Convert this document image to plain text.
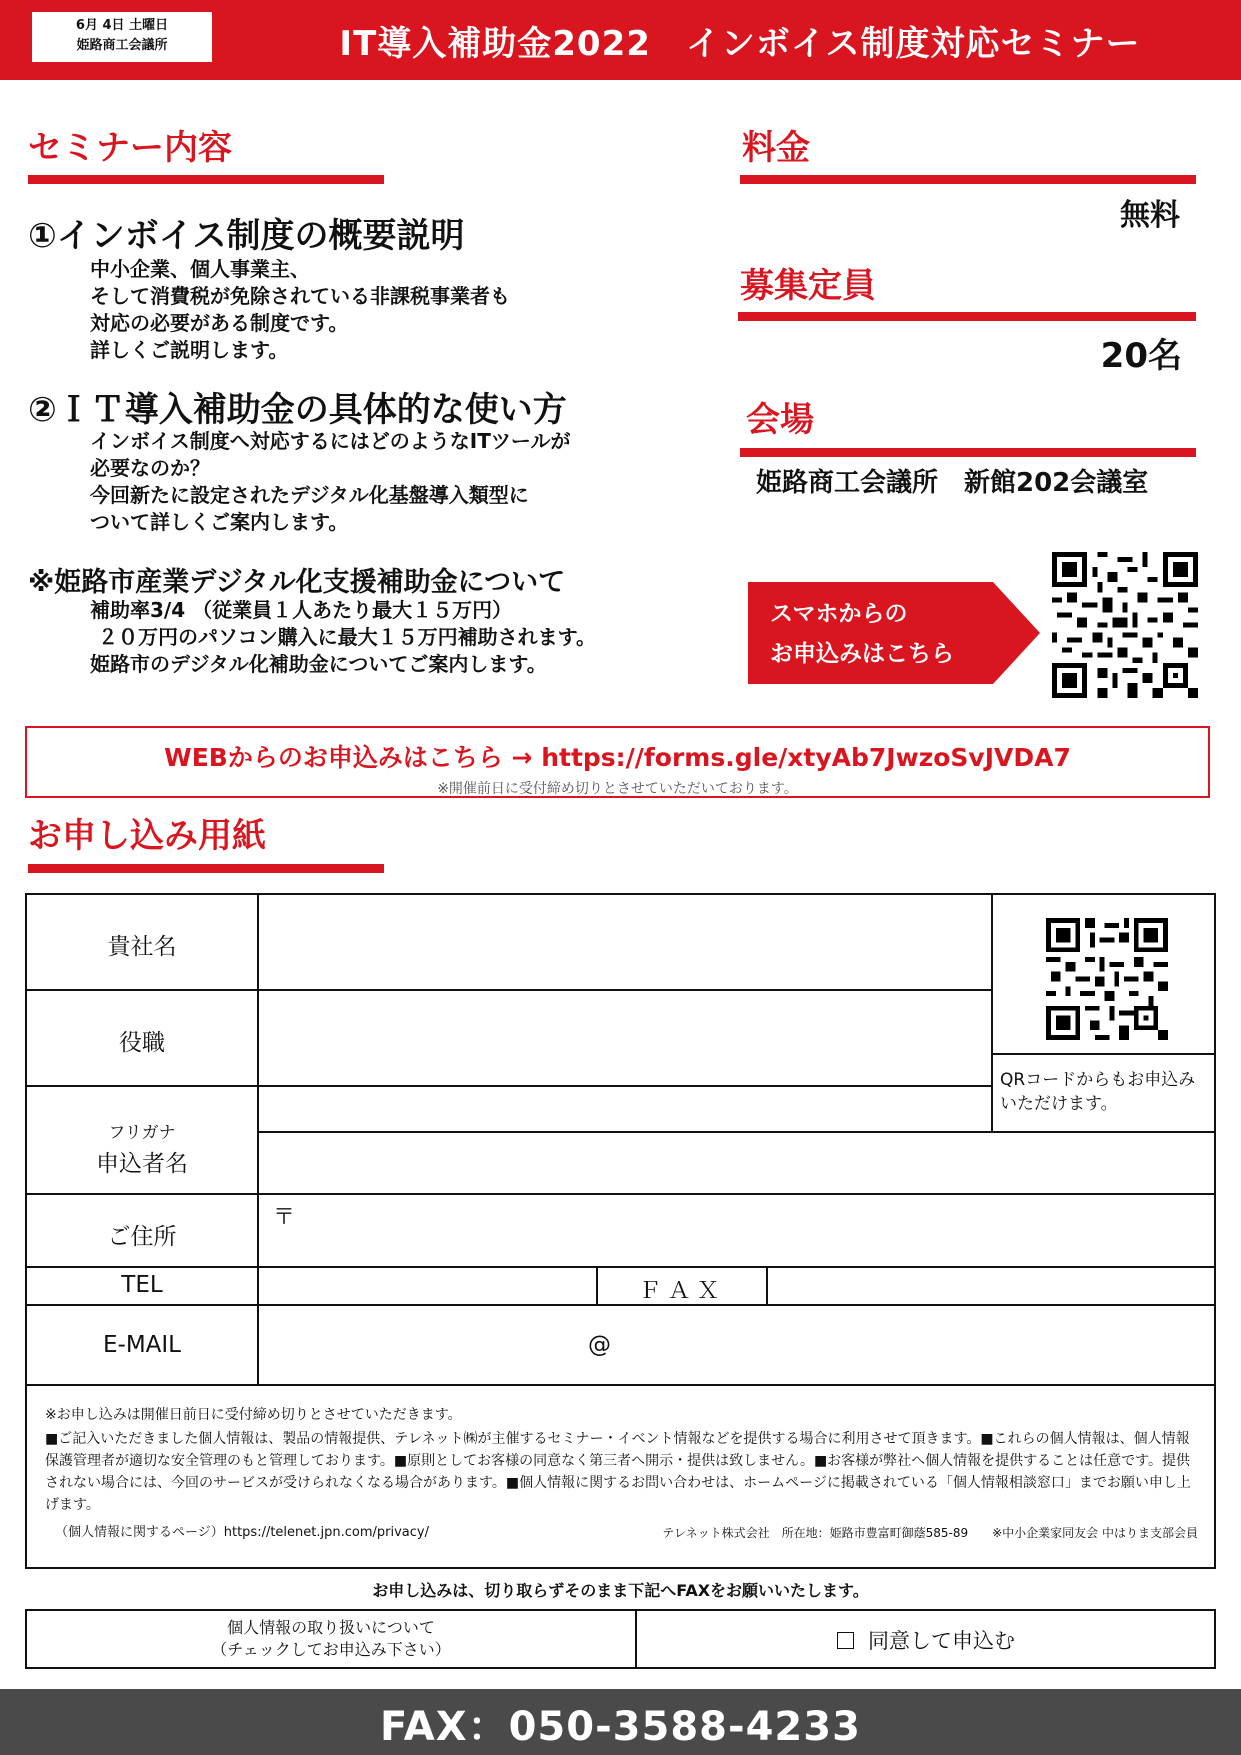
6月 4日 土曜日
姫路商工会議所	IT導入補助金2022　インボイス制度対応セミナー
セミナー内容
①インボイス制度の概要説明
中小企業、個人事業主、
そして消費税が免除されている非課税事業者も
対応の必要がある制度です。
詳しくご説明します。
②ＩＴ導入補助金の具体的な使い方
インボイス制度へ対応するにはどのようなITツールが
必要なのか？
今回新たに設定されたデジタル化基盤導入類型に
ついて詳しくご案内します。
※姫路市産業デジタル化支援補助金について
補助率3/4 （従業員１人あたり最大１５万円）
２０万円のパソコン購入に最大１５万円補助されます。
姫路市のデジタル化補助金についてご案内します。
料金
無料
募集定員
20名
会場
姫路商工会議所　新館202会議室
スマホからの
お申込みはこちら
WEBからのお申込みはこちら → https://forms.gle/xtyAb7JwzoSvJVDA7
※開催前日に受付締め切りとさせていただいております。
お申し込み用紙
貴社名
役職
フリガナ
申込者名
ご住所
〒
TEL	ＦＡＸ
E-MAIL	@
QRコードからもお申込みいただけます。

※お申し込みは開催日前日に受付締め切りとさせていただきます。

■ご記入いただきました個人情報は、製品の情報提供、テレネット㈱が主催するセミナー・イベント情報などを提供する場合に利用させて頂きます。■これらの個人情報は、個人情報保護管理者が適切な安全管理のもと管理しております。■原則としてお客様の同意なく第三者へ開示・提供は致しません。■お客様が弊社へ個人情報を提供することは任意です。提供されない場合には、今回のサービスが受けられなくなる場合があります。■個人情報に関するお問い合わせは、ホームページに掲載されている「個人情報相談窓口」までお願い申し上げます。

（個人情報に関するページ）https://telenet.jpn.com/privacy/	テレネット株式会社　所在地：姫路市豊富町御蔭585-89　　※中小企業家同友会 中はりま支部会員
お申し込みは、切り取らずそのまま下記へFAXをお願いいたします。
個人情報の取り扱いについて
（チェックしてお申込み下さい）	同意して申込む
FAX：050-3588-4233
